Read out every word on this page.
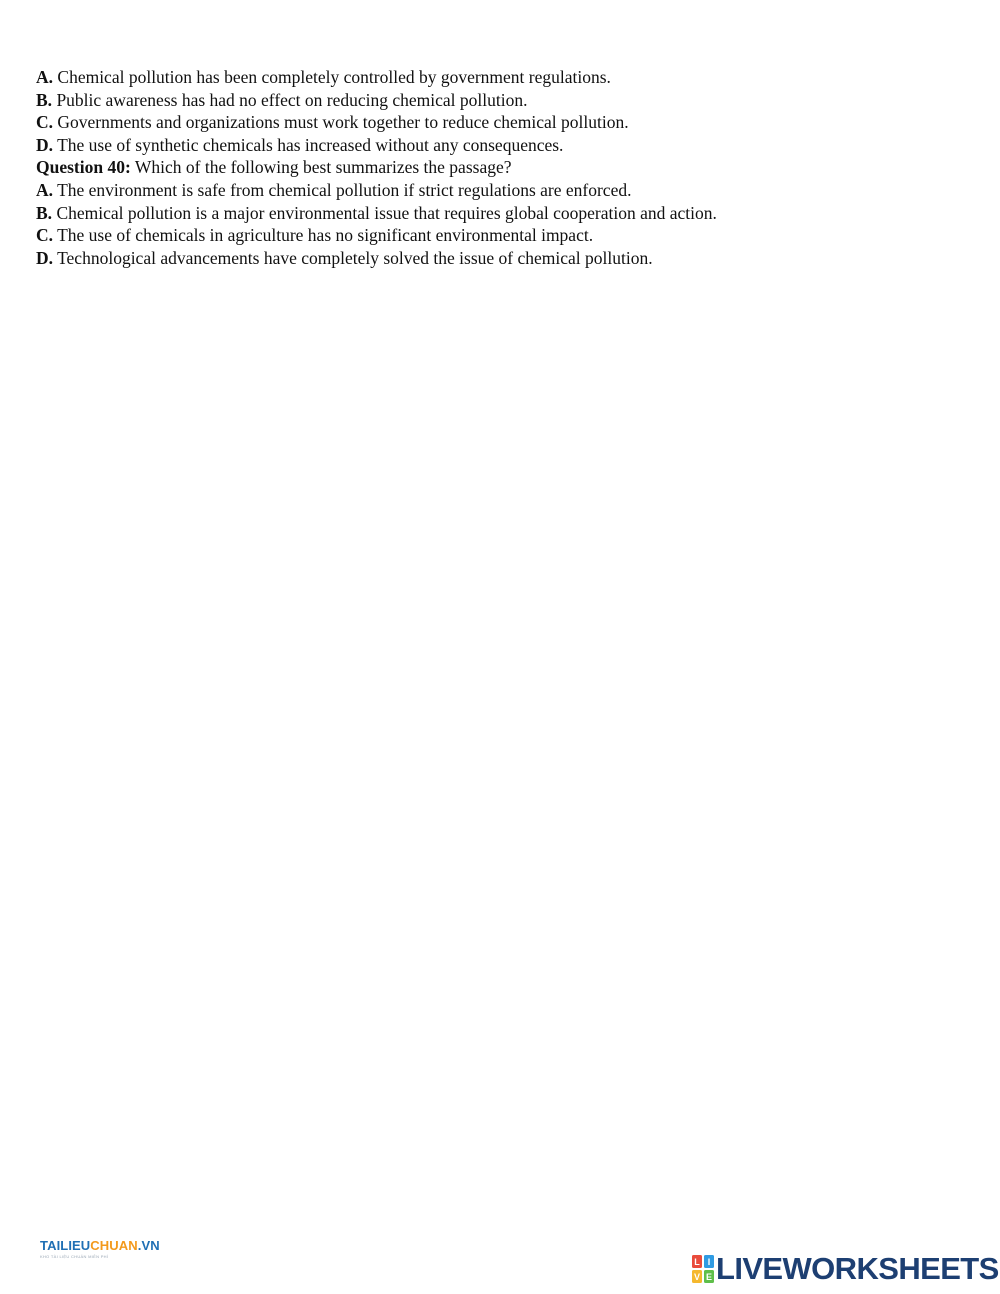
A. Chemical pollution has been completely controlled by government regulations.
B. Public awareness has had no effect on reducing chemical pollution.
C. Governments and organizations must work together to reduce chemical pollution.
D. The use of synthetic chemicals has increased without any consequences.
Question 40: Which of the following best summarizes the passage?
A. The environment is safe from chemical pollution if strict regulations are enforced.
B. Chemical pollution is a major environmental issue that requires global cooperation and action.
C. The use of chemicals in agriculture has no significant environmental impact.
D. Technological advancements have completely solved the issue of chemical pollution.
TAILIEUCHUAN.VN
KHO TÀI LIỆU CHUẨN MIỄN PHÍ
L I
V E LIVEWORKSHEETS
